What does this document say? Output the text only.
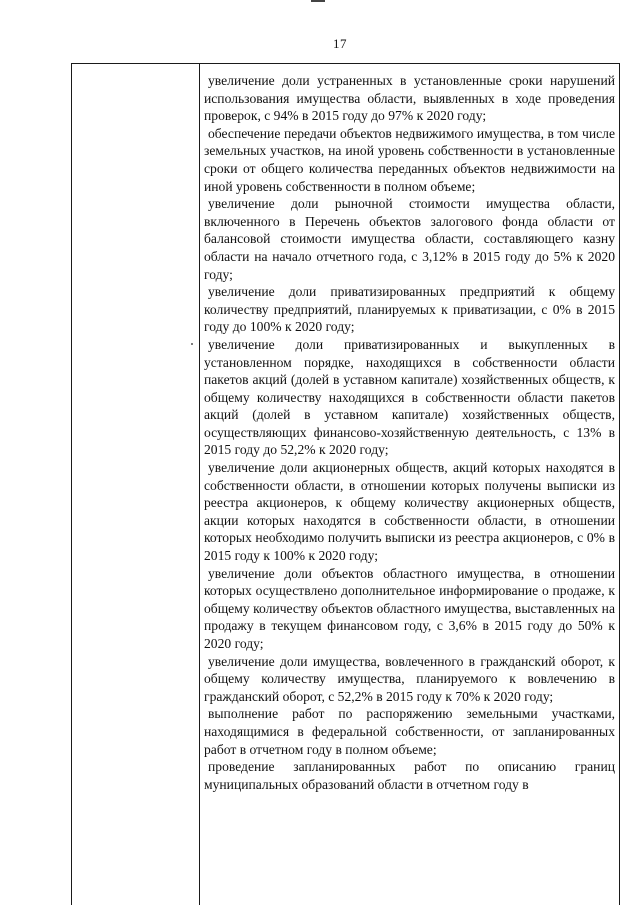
17

увеличение доли устраненных в установленные сроки нарушений использования имущества области, выявленных в ходе проведения проверок, с 94% в 2015 году до 97% к 2020 году;

обеспечение передачи объектов недвижимого имущества, в том числе земельных участков, на иной уровень собственности в установленные сроки от общего количества переданных объектов недвижимости на иной уровень собственности в полном объеме;

увеличение доли рыночной стоимости имущества области, включенного в Перечень объектов залогового фонда области от балансовой стоимости имущества области, составляющего казну области на начало отчетного года, с 3,12% в 2015 году до 5% к 2020 году;

увеличение доли приватизированных предприятий к общему количеству предприятий, планируемых к приватизации, с 0% в 2015 году до 100% к 2020 году;

увеличение доли приватизированных и выкупленных в установленном порядке, находящихся в собственности области пакетов акций (долей в уставном капитале) хозяйственных обществ, к общему количеству находящихся в собственности области пакетов акций (долей в уставном капитале) хозяйственных обществ, осуществляющих финансово-хозяйственную деятельность, с 13% в 2015 году до 52,2% к 2020 году;

увеличение доли акционерных обществ, акций которых находятся в собственности области, в отношении которых получены выписки из реестра акционеров, к общему количеству акционерных обществ, акции которых находятся в собственности области, в отношении которых необходимо получить выписки из реестра акционеров, с 0% в 2015 году к 100% к 2020 году;

увеличение доли объектов областного имущества, в отношении которых осуществлено дополнительное информирование о продаже, к общему количеству объектов областного имущества, выставленных на продажу в текущем финансовом году, с 3,6% в 2015 году до 50% к 2020 году;

увеличение доли имущества, вовлеченного в гражданский оборот, к общему количеству имущества, планируемого к вовлечению в гражданский оборот, с 52,2% в 2015 году к 70% к 2020 году;

выполнение работ по распоряжению земельными участками, находящимися в федеральной собственности, от запланированных работ в отчетном году в полном объеме;

проведение запланированных работ по описанию границ муниципальных образований области в отчетном году в
